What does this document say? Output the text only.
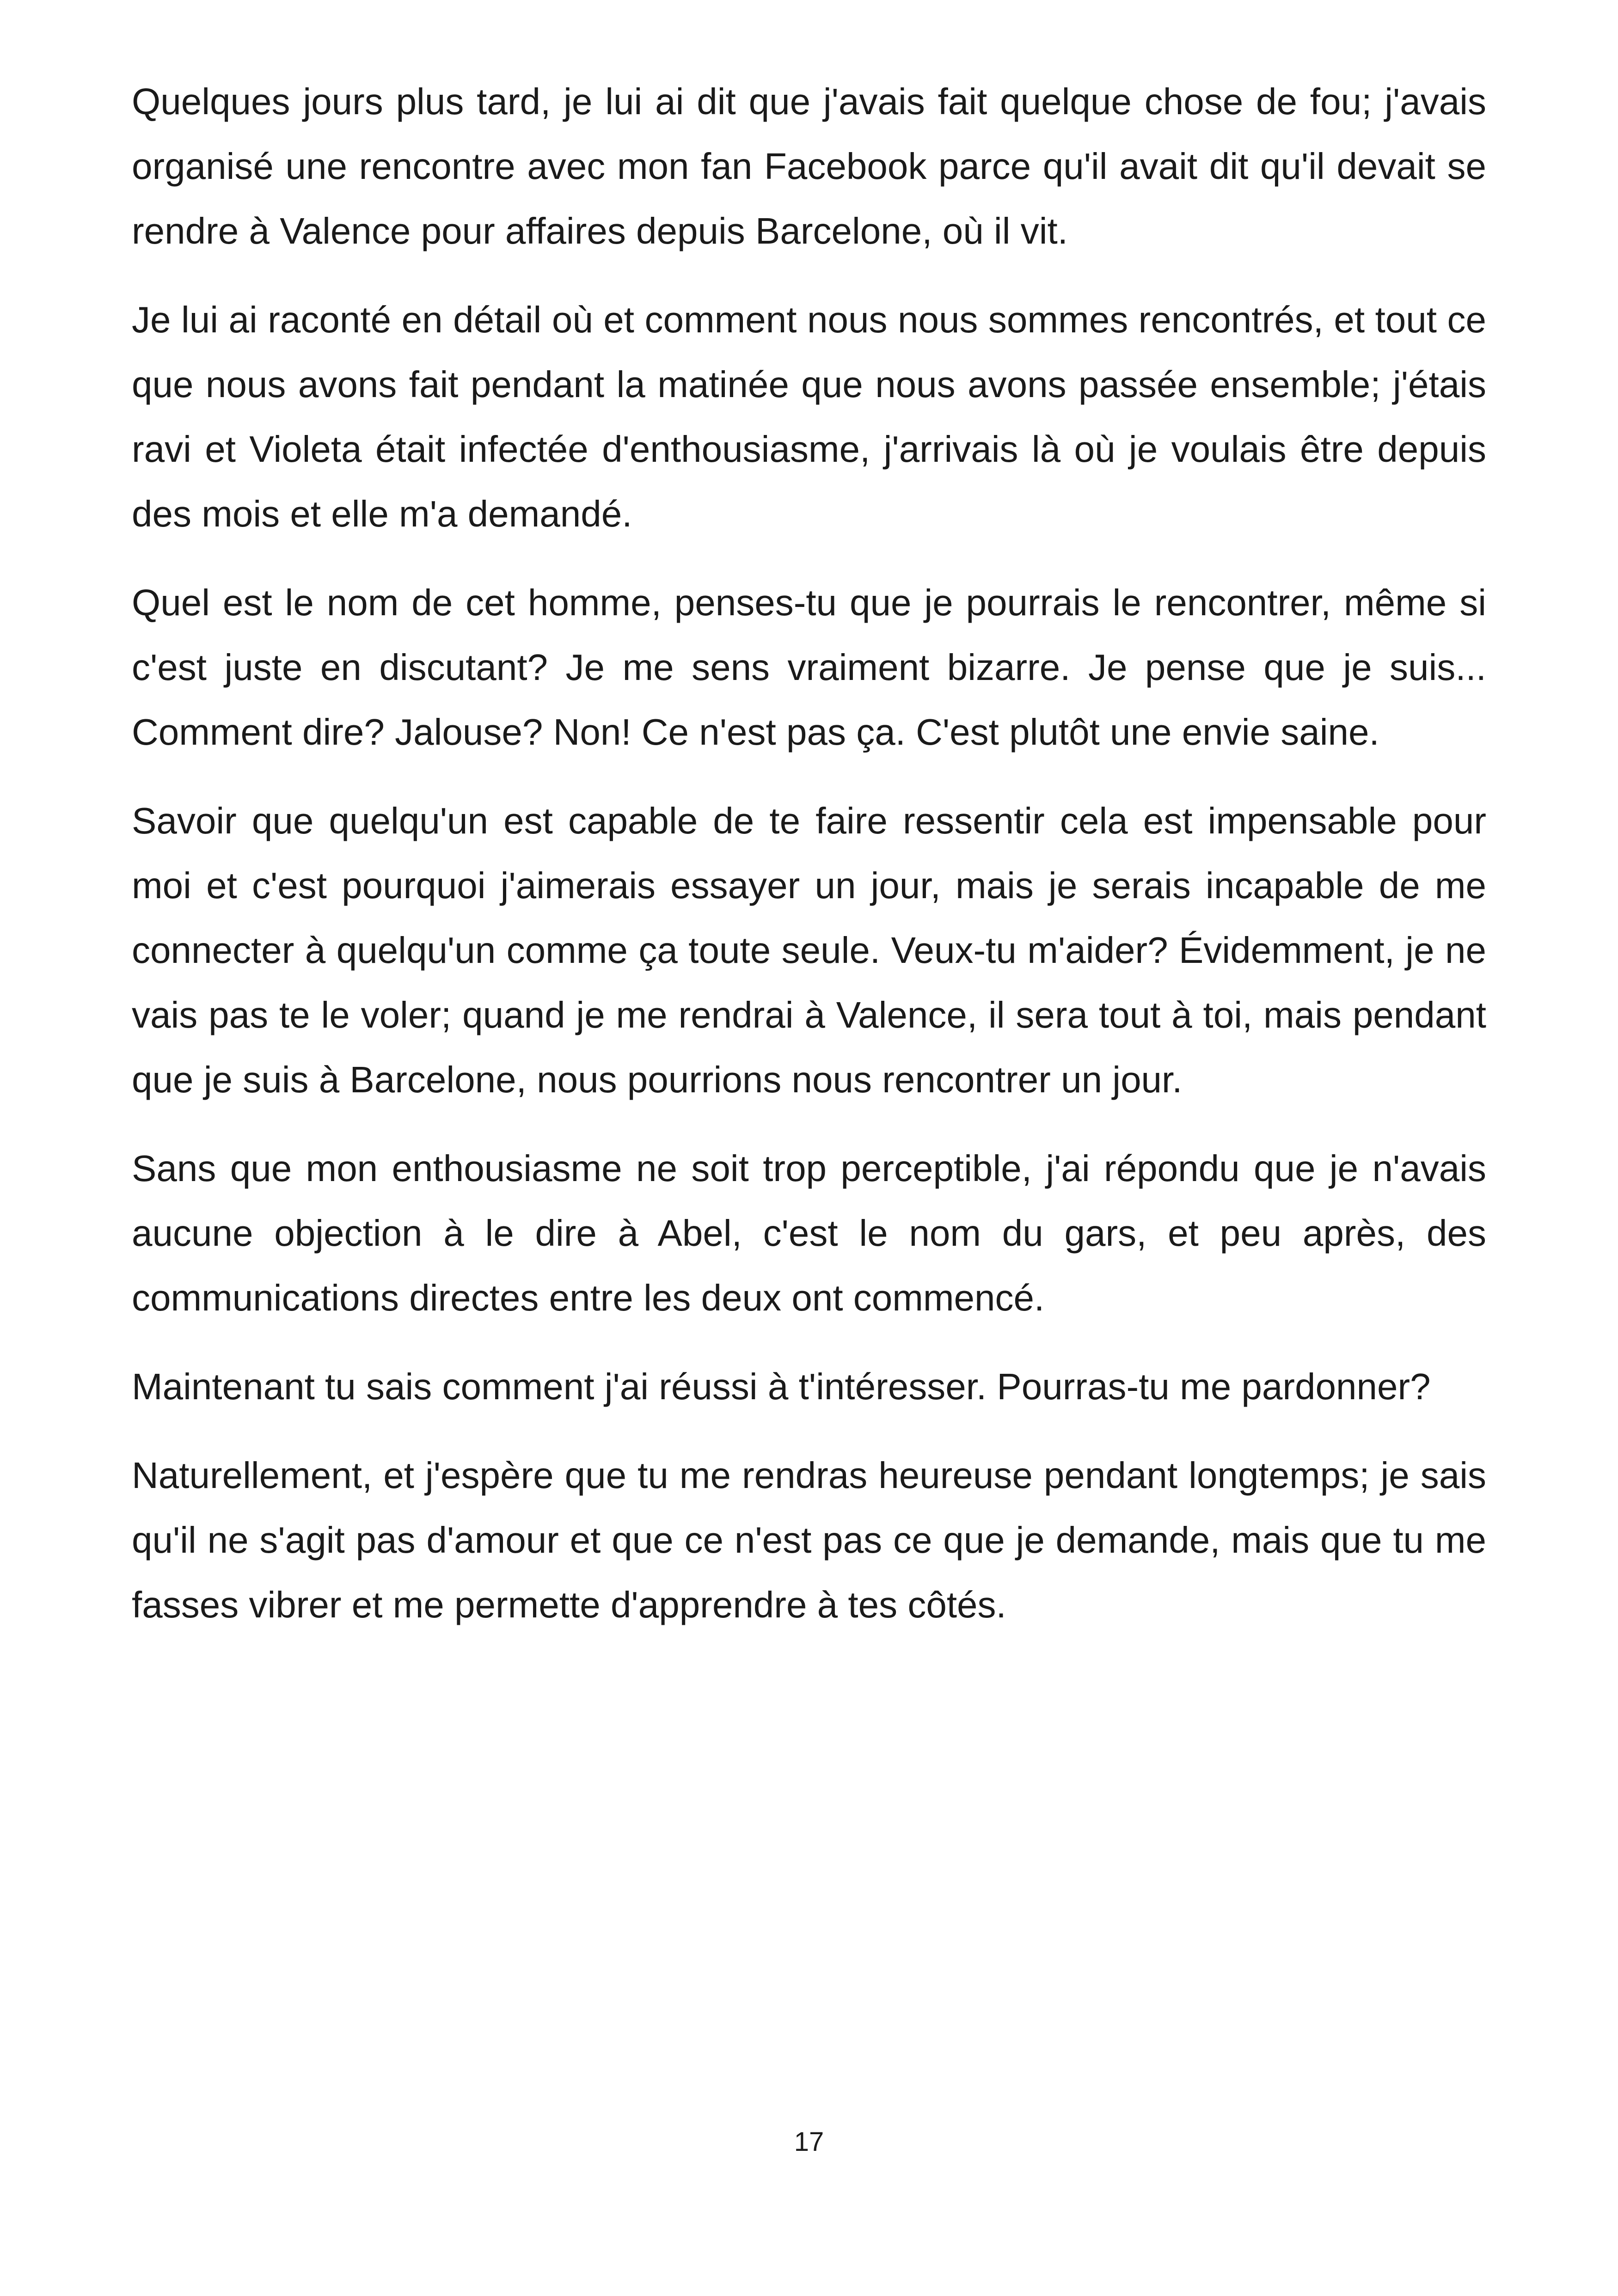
Quelques jours plus tard, je lui ai dit que j'avais fait quelque chose de fou; j'avais organisé une rencontre avec mon fan Facebook parce qu'il avait dit qu'il devait se rendre à Valence pour affaires depuis Barcelone, où il vit.

Je lui ai raconté en détail où et comment nous nous sommes rencontrés, et tout ce que nous avons fait pendant la matinée que nous avons passée ensemble; j'étais ravi et Violeta était infectée d'enthousiasme, j'arrivais là où je voulais être depuis des mois et elle m'a demandé.

Quel est le nom de cet homme, penses-tu que je pourrais le rencontrer, même si c'est juste en discutant? Je me sens vraiment bizarre. Je pense que je suis... Comment dire? Jalouse? Non! Ce n'est pas ça. C'est plutôt une envie saine.

Savoir que quelqu'un est capable de te faire ressentir cela est impensable pour moi et c'est pourquoi j'aimerais essayer un jour, mais je serais incapable de me connecter à quelqu'un comme ça toute seule. Veux-tu m'aider? Évidemment, je ne vais pas te le voler; quand je me rendrai à Valence, il sera tout à toi, mais pendant que je suis à Barcelone, nous pourrions nous rencontrer un jour.

Sans que mon enthousiasme ne soit trop perceptible, j'ai répondu que je n'avais aucune objection à le dire à Abel, c'est le nom du gars, et peu après, des communications directes entre les deux ont commencé.

Maintenant tu sais comment j'ai réussi à t'intéresser. Pourras-tu me pardonner?

Naturellement, et j'espère que tu me rendras heureuse pendant longtemps; je sais qu'il ne s'agit pas d'amour et que ce n'est pas ce que je demande, mais que tu me fasses vibrer et me permette d'apprendre à tes côtés.

17
